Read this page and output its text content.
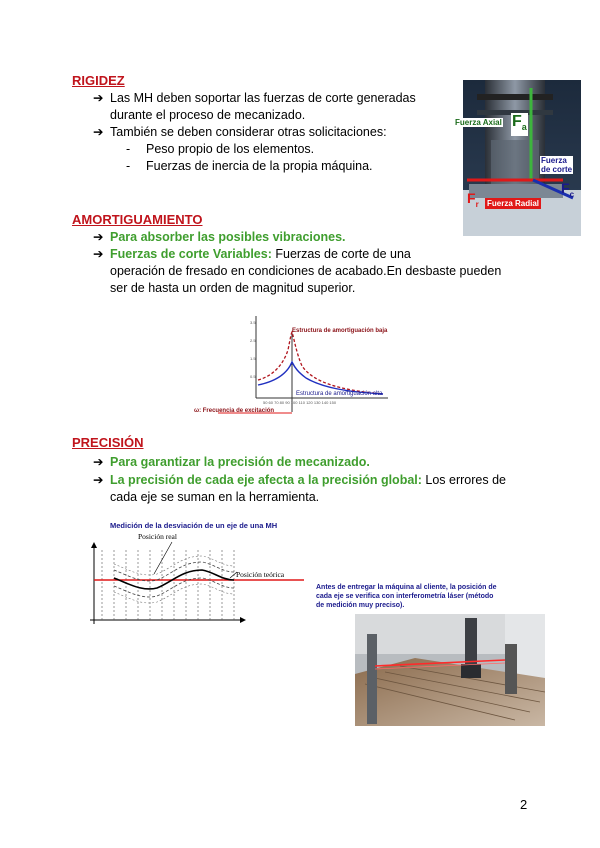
RIGIDEZ
➔ Las MH deben soportar las fuerzas de corte generadas
durante el proceso de mecanizado.
➔ También se deben considerar otras solicitaciones:
- Peso propio de los elementos.
- Fuerzas de inercia de la propia máquina.
Fuerza Axial $F_a$
Fuerza
de corte
$F_c$
$F_r$ Fuerza Radial
AMORTIGUAMIENTO
➔ Para absorber las posibles vibraciones.
➔ Fuerzas de corte Variables: Fuerzas de corte de una
operación de fresado en condiciones de acabado.En desbaste pueden
ser de hasta un orden de magnitud superior.
3.5
2.5
1.5
0.5
50 60 70 80 90 100 110 120 130 140 150
Estructura de amortiguación baja
Estructura de amortiguación alta
ω: Frecuencia de excitación
PRECISIÓN
➔ Para garantizar la precisión de mecanizado.
➔ La precisión de cada eje afecta a la precisión global: Los errores de
cada eje se suman en la herramienta.
Medición de la desviación de un eje de una MH
Posición real
Posición teórica
Antes de entregar la máquina al cliente, la posición de
cada eje se verifica con interferometría láser (método
de medición muy preciso).
2
